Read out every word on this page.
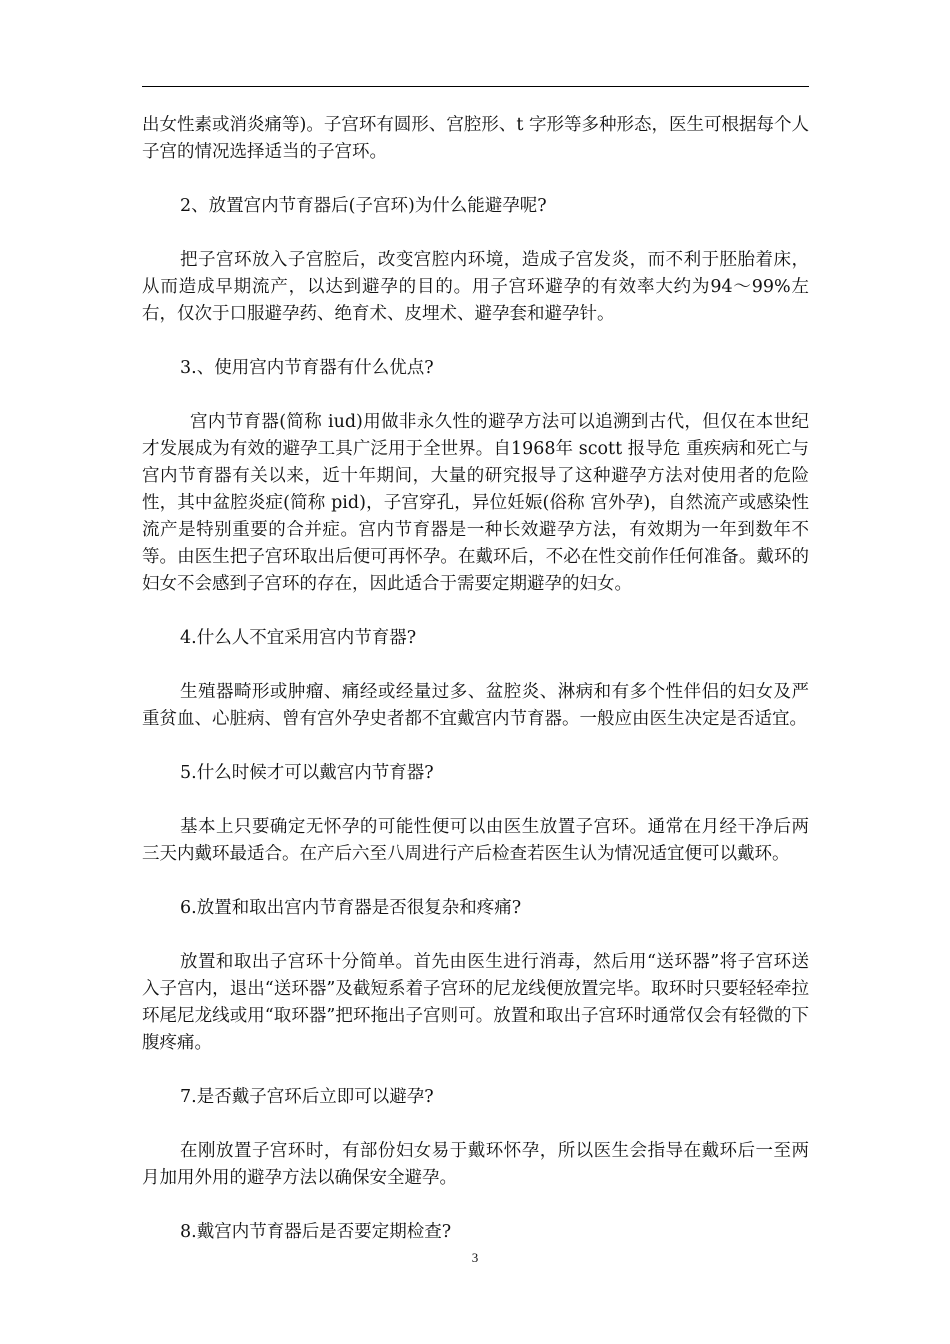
出女性素或消炎痛等)。子宫环有圆形、宫腔形、t 字形等多种形态，医生可根据每个人子宫的情况选择适当的子宫环。

2、放置宫内节育器后(子宫环)为什么能避孕呢?

把子宫环放入子宫腔后，改变宫腔内环境，造成子宫发炎，而不利于胚胎着床，从而造成早期流产，以达到避孕的目的。用子宫环避孕的有效率大约为94～99%左右，仅次于口服避孕药、绝育术、皮埋术、避孕套和避孕针。

3.、使用宫内节育器有什么优点?

宫内节育器(简称 iud)用做非永久性的避孕方法可以追溯到古代，但仅在本世纪才发展成为有效的避孕工具广泛用于全世界。自1968年 scott 报导危 重疾病和死亡与宫内节育器有关以来，近十年期间，大量的研究报导了这种避孕方法对使用者的危险性，其中盆腔炎症(简称 pid)，子宫穿孔，异位妊娠(俗称 宫外孕)，自然流产或感染性流产是特别重要的合并症。宫内节育器是一种长效避孕方法，有效期为一年到数年不等。由医生把子宫环取出后便可再怀孕。在戴环后，不必在性交前作任何准备。戴环的妇女不会感到子宫环的存在，因此适合于需要定期避孕的妇女。

4.什么人不宜采用宫内节育器?

生殖器畸形或肿瘤、痛经或经量过多、盆腔炎、淋病和有多个性伴侣的妇女及严重贫血、心脏病、曾有宫外孕史者都不宜戴宫内节育器。一般应由医生决定是否适宜。

5.什么时候才可以戴宫内节育器?

基本上只要确定无怀孕的可能性便可以由医生放置子宫环。通常在月经干净后两三天内戴环最适合。在产后六至八周进行产后检查若医生认为情况适宜便可以戴环。

6.放置和取出宫内节育器是否很复杂和疼痛?

放置和取出子宫环十分简单。首先由医生进行消毒，然后用“送环器”将子宫环送入子宫内，退出“送环器”及截短系着子宫环的尼龙线便放置完毕。取环时只要轻轻牵拉环尾尼龙线或用“取环器”把环拖出子宫则可。放置和取出子宫环时通常仅会有轻微的下腹疼痛。

7.是否戴子宫环后立即可以避孕?

在刚放置子宫环时，有部份妇女易于戴环怀孕，所以医生会指导在戴环后一至两月加用外用的避孕方法以确保安全避孕。

8.戴宫内节育器后是否要定期检查?

3
